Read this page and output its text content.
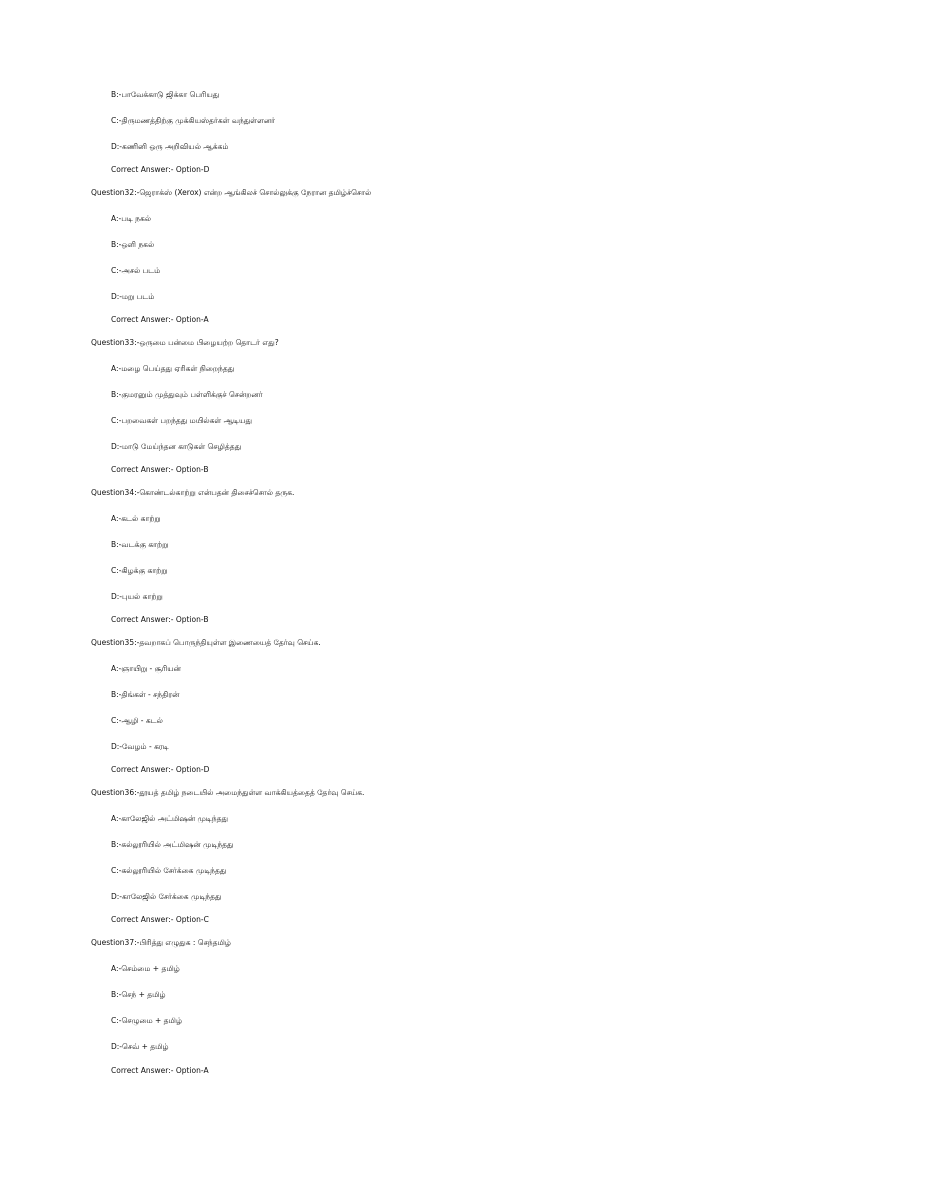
B:-பாவேக்காடு ஜிக்கா பெரியது
C:-திருமணத்திற்கு முக்கியஸ்தர்கள் வந்துள்ளனர்
D:-கணினி ஒரு அறிவியல் ஆக்கம்
Correct Answer:- Option-D
Question32:-ஜெராக்ஸ் (Xerox) என்ற ஆங்கிலச் சொல்லுக்கு நேரான தமிழ்ச்சொல்
A:-படி நகல்
B:-ஒளி நகல்
C:-அசல் படம்
D:-மறு படம்
Correct Answer:- Option-A
Question33:-ஒருமை பன்மை பிழையற்ற தொடர் எது?
A:-மழை பெய்தது ஏரிகள் நிறைந்தது
B:-குமரனும் முத்துவும் பள்ளிக்குச் சென்றனர்
C:-பறவைகள் பறந்தது மயில்கள் ஆடியது
D:-மாடு மேய்ந்தன காடுகள் செழித்தது
Correct Answer:- Option-B
Question34:-கொண்டல்காற்று என்பதன் திசைச்சொல் தருக.
A:-கடல் காற்று
B:-வடக்கு காற்று
C:-கிழக்கு காற்று
D:-புயல் காற்று
Correct Answer:- Option-B
Question35:-தவறாகப் பொருந்தியுள்ள இணையைத் தேர்வு செய்க.
A:-ஞாயிறு - சூரியன்
B:-திங்கள் - சந்திரன்
C:-ஆழி - கடல்
D:-வேழம் - கரடி
Correct Answer:- Option-D
Question36:-தூயத் தமிழ் நடையில் அமைந்துள்ள வாக்கியத்தைத் தேர்வு செய்க.
A:-காலேஜில் அட்மிஷன் முடிந்தது
B:-கல்லூரியில் அட்மிஷன் முடிந்தது
C:-கல்லூரியில் சேர்க்கை முடிந்தது
D:-காலேஜில் சேர்க்கை முடிந்தது
Correct Answer:- Option-C
Question37:-பிரித்து எழுதுக : செந்தமிழ்
A:-செம்மை + தமிழ்
B:-செந் + தமிழ்
C:-செழுமை + தமிழ்
D:-செவ் + தமிழ்
Correct Answer:- Option-A
